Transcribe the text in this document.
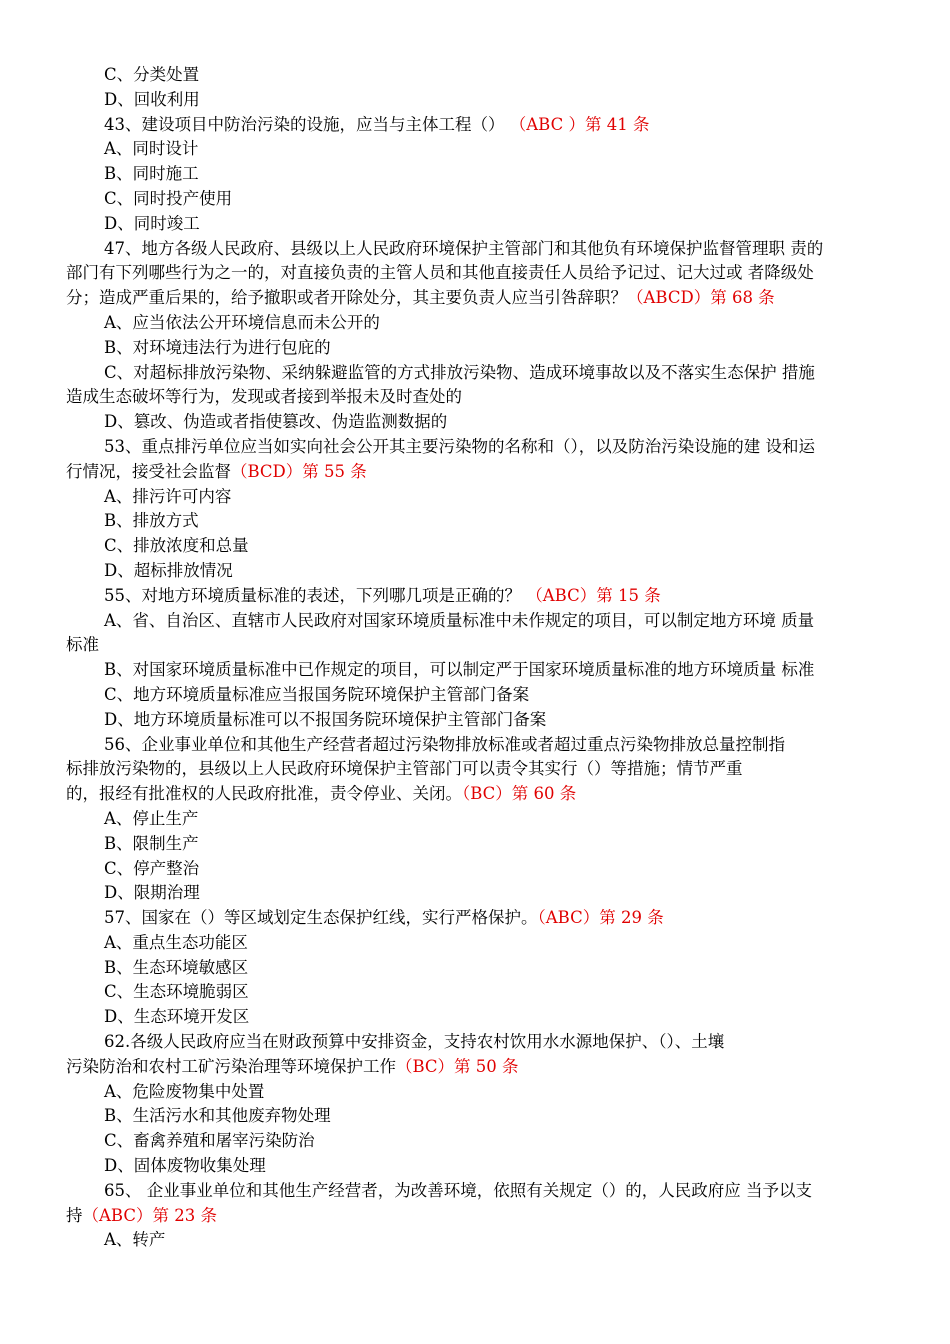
C、分类处置
D、回收利用
43、建设项目中防治污染的设施，应当与主体工程（） （ABC ）第 41 条
A、同时设计
B、同时施工
C、同时投产使用
D、同时竣工
47、地方各级人民政府、县级以上人民政府环境保护主管部门和其他负有环境保护监督管理职 责的
部门有下列哪些行为之一的，对直接负责的主管人员和其他直接责任人员给予记过、记大过或 者降级处
分；造成严重后果的，给予撤职或者开除处分，其主要负责人应当引咎辞职？（ABCD）第 68 条
A、应当依法公开环境信息而未公开的
B、对环境违法行为进行包庇的
C、对超标排放污染物、采纳躲避监管的方式排放污染物、造成环境事故以及不落实生态保护 措施
造成生态破坏等行为，发现或者接到举报未及时查处的
D、篡改、伪造或者指使篡改、伪造监测数据的
53、重点排污单位应当如实向社会公开其主要污染物的名称和（），以及防治污染设施的建 设和运
行情况，接受社会监督（BCD）第 55 条
A、排污许可内容
B、排放方式
C、排放浓度和总量
D、超标排放情况
55、对地方环境质量标准的表述，下列哪几项是正确的？ （ABC）第 15 条
A、省、自治区、直辖市人民政府对国家环境质量标准中未作规定的项目，可以制定地方环境 质量
标准
B、对国家环境质量标准中已作规定的项目，可以制定严于国家环境质量标准的地方环境质量 标准
C、地方环境质量标准应当报国务院环境保护主管部门备案
D、地方环境质量标准可以不报国务院环境保护主管部门备案
56、企业事业单位和其他生产经营者超过污染物排放标准或者超过重点污染物排放总量控制指
标排放污染物的，县级以上人民政府环境保护主管部门可以责令其实行（）等措施；情节严重
的，报经有批准权的人民政府批准，责令停业、关闭。（BC）第 60 条
A、停止生产
B、限制生产
C、停产整治
D、限期治理
57、国家在（）等区域划定生态保护红线，实行严格保护。（ABC）第 29 条
A、重点生态功能区
B、生态环境敏感区
C、生态环境脆弱区
D、生态环境开发区
62.各级人民政府应当在财政预算中安排资金，支持农村饮用水水源地保护、（）、土壤
污染防治和农村工矿污染治理等环境保护工作（BC）第 50 条
A、危险废物集中处置
B、生活污水和其他废弃物处理
C、畜禽养殖和屠宰污染防治
D、固体废物收集处理
65、 企业事业单位和其他生产经营者，为改善环境，依照有关规定（）的，人民政府应 当予以支
持（ABC）第 23 条
A、转产
